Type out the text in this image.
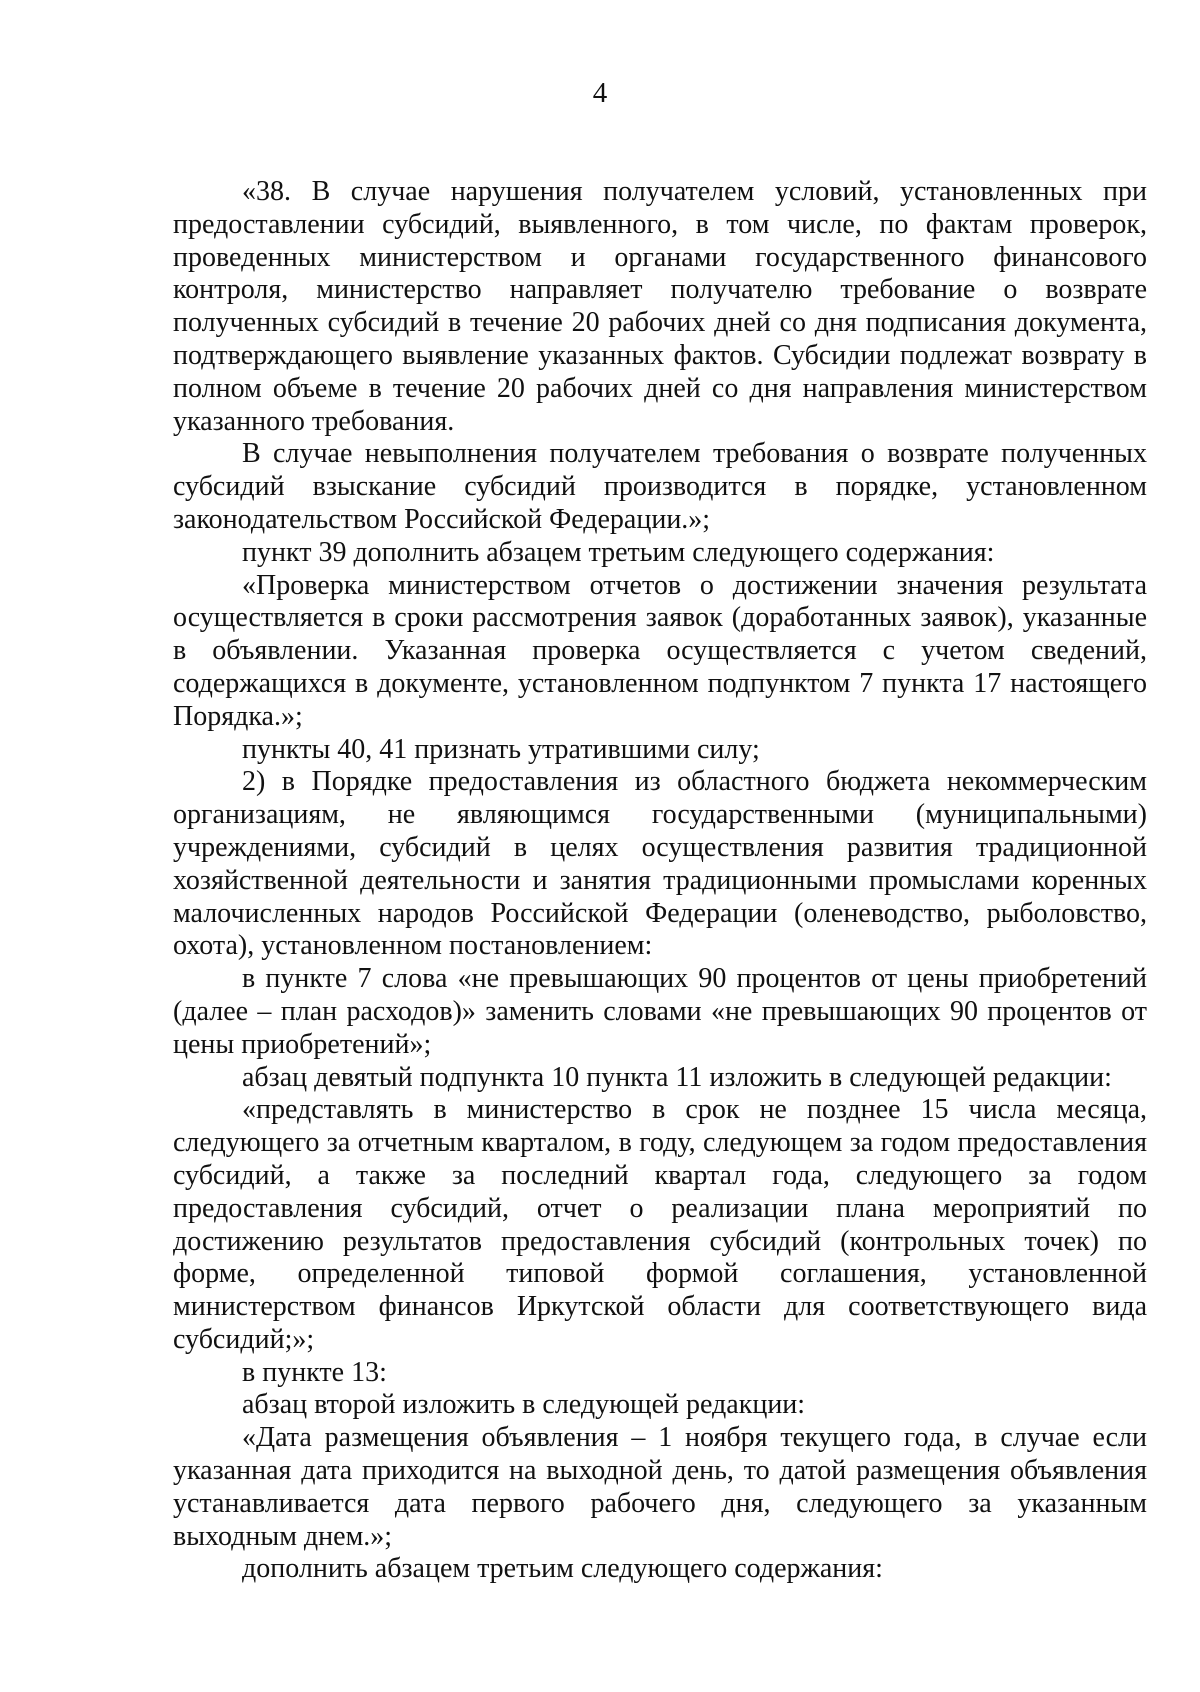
4

«38. В случае нарушения получателем условий, установленных при предоставлении субсидий, выявленного, в том числе, по фактам проверок, проведенных министерством и органами государственного финансового контроля, министерство направляет получателю требование о возврате полученных субсидий в течение 20 рабочих дней со дня подписания документа, подтверждающего выявление указанных фактов. Субсидии подлежат возврату в полном объеме в течение 20 рабочих дней со дня направления министерством указанного требования.

В случае невыполнения получателем требования о возврате полученных субсидий взыскание субсидий производится в порядке, установленном законодательством Российской Федерации.»;

пункт 39 дополнить абзацем третьим следующего содержания:

«Проверка министерством отчетов о достижении значения результата осуществляется в сроки рассмотрения заявок (доработанных заявок), указанные в объявлении. Указанная проверка осуществляется с учетом сведений, содержащихся в документе, установленном подпунктом 7 пункта 17 настоящего Порядка.»;

пункты 40, 41 признать утратившими силу;

2) в Порядке предоставления из областного бюджета некоммерческим организациям, не являющимся государственными (муниципальными) учреждениями, субсидий в целях осуществления развития традиционной хозяйственной деятельности и занятия традиционными промыслами коренных малочисленных народов Российской Федерации (оленеводство, рыболовство, охота), установленном постановлением:

в пункте 7 слова «не превышающих 90 процентов от цены приобретений (далее – план расходов)» заменить словами «не превышающих 90 процентов от цены приобретений»;

абзац девятый подпункта 10 пункта 11 изложить в следующей редакции:

«представлять в министерство в срок не позднее 15 числа месяца, следующего за отчетным кварталом, в году, следующем за годом предоставления субсидий, а также за последний квартал года, следующего за годом предоставления субсидий, отчет о реализации плана мероприятий по достижению результатов предоставления субсидий (контрольных точек) по форме, определенной типовой формой соглашения, установленной министерством финансов Иркутской области для соответствующего вида субсидий;»;

в пункте 13:

абзац второй изложить в следующей редакции:

«Дата размещения объявления – 1 ноября текущего года, в случае если указанная дата приходится на выходной день, то датой размещения объявления устанавливается дата первого рабочего дня, следующего за указанным выходным днем.»;

дополнить абзацем третьим следующего содержания:
